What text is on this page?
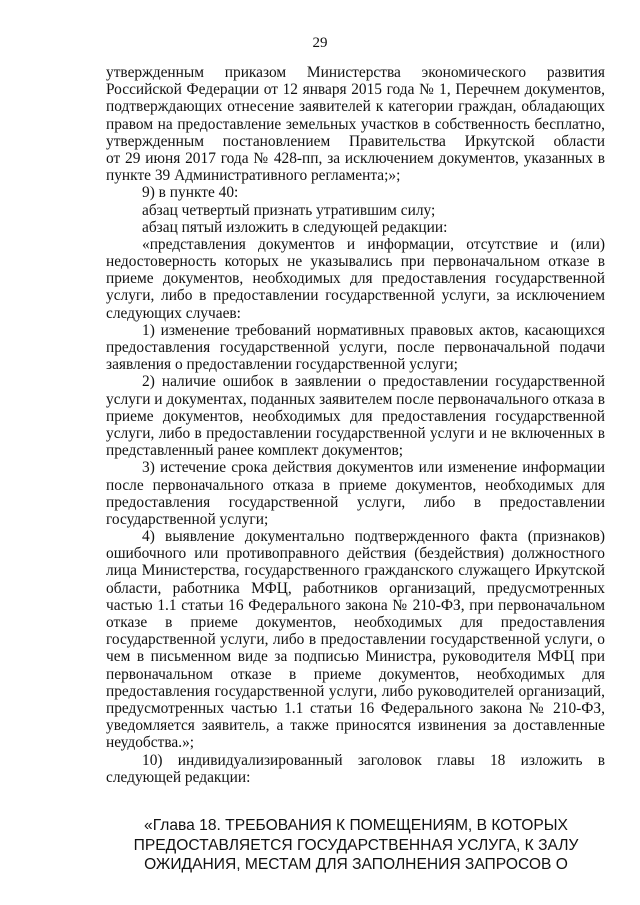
29
утвержденным приказом Министерства экономического развития
Российской Федерации от 12 января 2015 года № 1, Перечнем документов,
подтверждающих отнесение заявителей к категории граждан, обладающих
правом на предоставление земельных участков в собственность бесплатно,
утвержденным постановлением Правительства Иркутской области
от 29 июня 2017 года № 428-пп, за исключением документов, указанных в
пункте 39 Административного регламента;»;
9) в пункте 40:
абзац четвертый признать утратившим силу;
абзац пятый изложить в следующей редакции:
«представления документов и информации, отсутствие и (или)
недостоверность которых не указывались при первоначальном отказе в
приеме документов, необходимых для предоставления государственной
услуги, либо в предоставлении государственной услуги, за исключением
следующих случаев:
1) изменение требований нормативных правовых актов, касающихся
предоставления государственной услуги, после первоначальной подачи
заявления о предоставлении государственной услуги;
2) наличие ошибок в заявлении о предоставлении государственной
услуги и документах, поданных заявителем после первоначального отказа в
приеме документов, необходимых для предоставления государственной
услуги, либо в предоставлении государственной услуги и не включенных в
представленный ранее комплект документов;
3) истечение срока действия документов или изменение информации
после первоначального отказа в приеме документов, необходимых для
предоставления государственной услуги, либо в предоставлении
государственной услуги;
4) выявление документально подтвержденного факта (признаков)
ошибочного или противоправного действия (бездействия) должностного
лица Министерства, государственного гражданского служащего Иркутской
области, работника МФЦ, работников организаций, предусмотренных
частью 1.1 статьи 16 Федерального закона № 210-ФЗ, при первоначальном
отказе в приеме документов, необходимых для предоставления
государственной услуги, либо в предоставлении государственной услуги, о
чем в письменном виде за подписью Министра, руководителя МФЦ при
первоначальном отказе в приеме документов, необходимых для
предоставления государственной услуги, либо руководителей организаций,
предусмотренных частью 1.1 статьи 16 Федерального закона № 210-ФЗ,
уведомляется заявитель, а также приносятся извинения за доставленные
неудобства.»;
10) индивидуализированный заголовок главы 18 изложить в
следующей редакции:
«Глава 18. ТРЕБОВАНИЯ К ПОМЕЩЕНИЯМ, В КОТОРЫХ
ПРЕДОСТАВЛЯЕТСЯ ГОСУДАРСТВЕННАЯ УСЛУГА, К ЗАЛУ
ОЖИДАНИЯ, МЕСТАМ ДЛЯ ЗАПОЛНЕНИЯ ЗАПРОСОВ О
